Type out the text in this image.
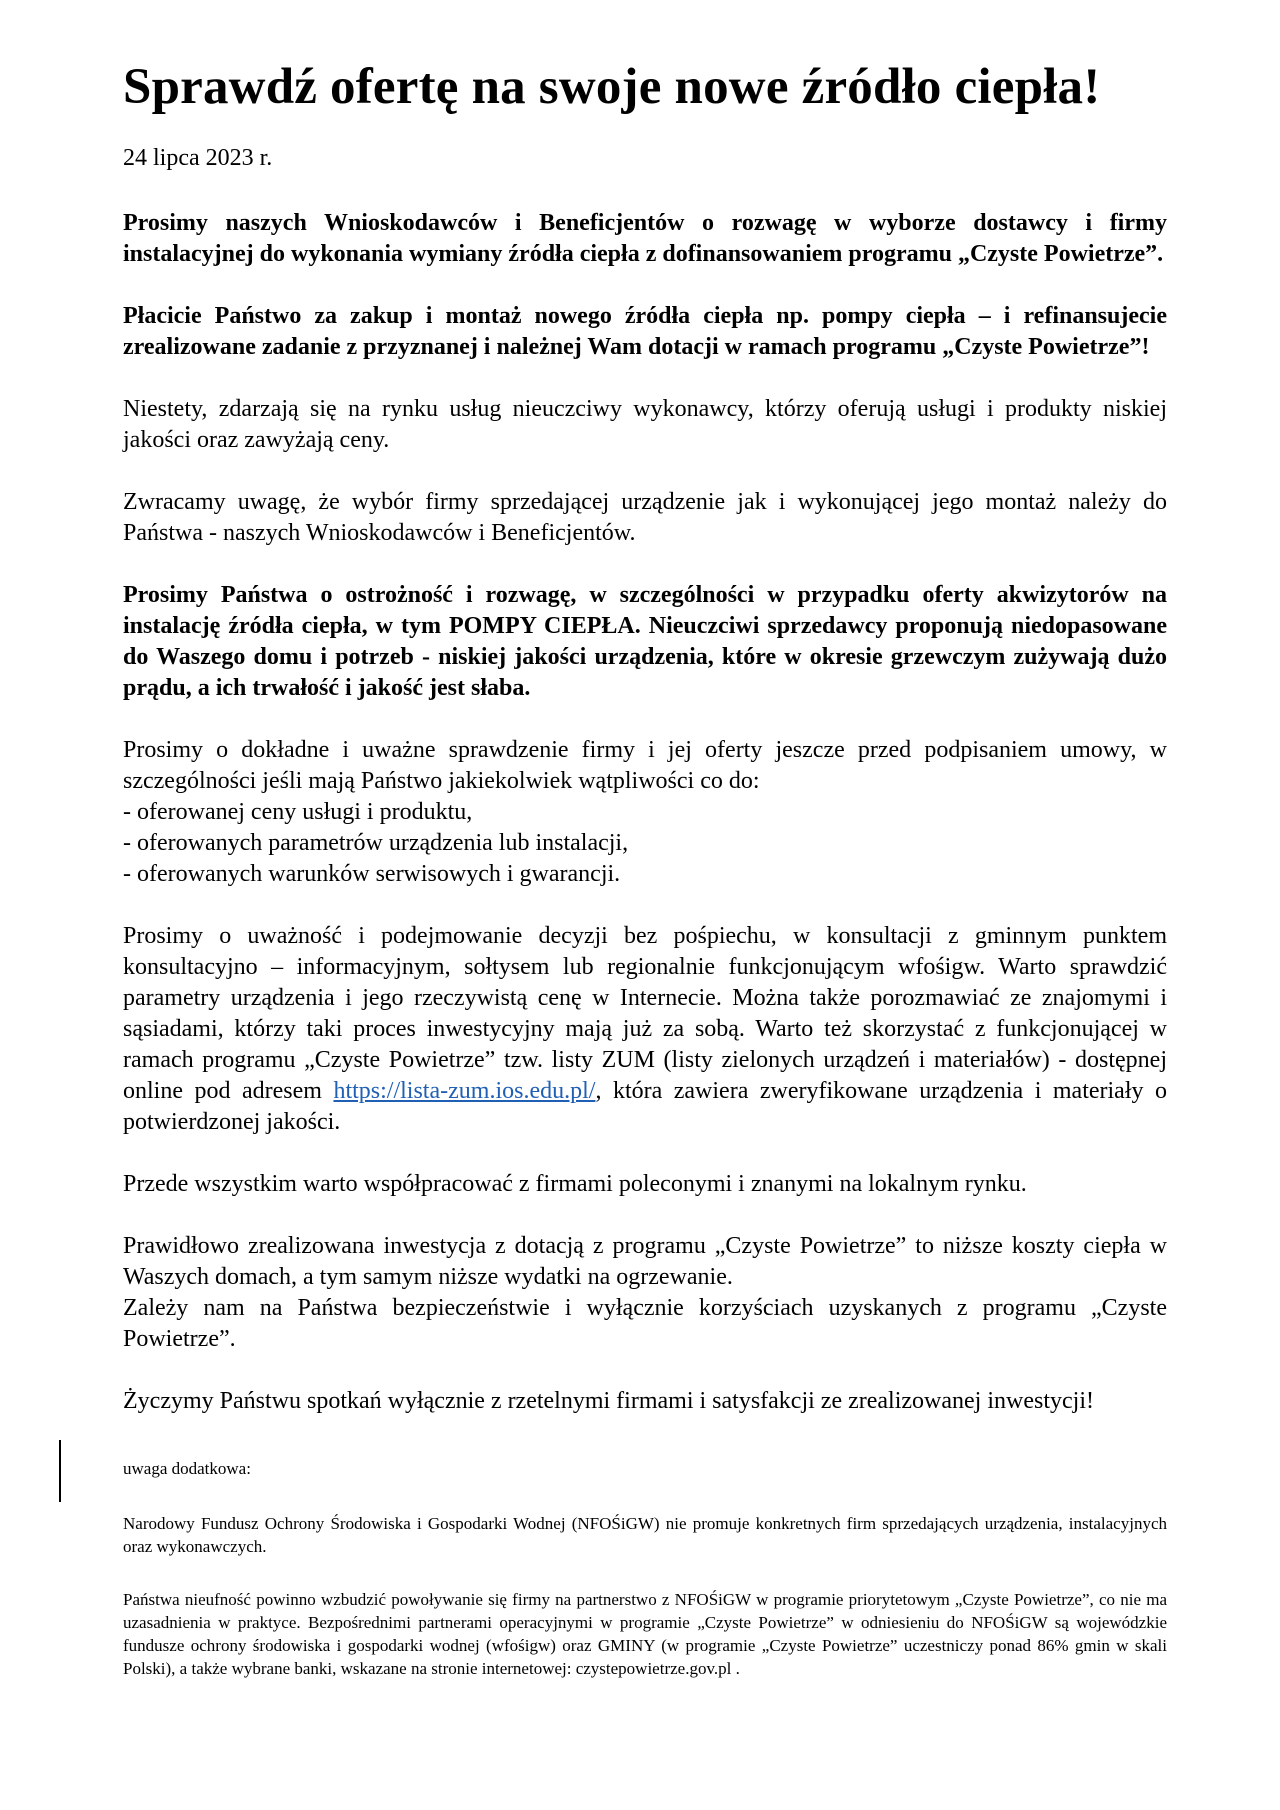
Sprawdź ofertę na swoje nowe źródło ciepła!

24 lipca 2023 r.

Prosimy naszych Wnioskodawców i Beneficjentów o rozwagę w wyborze dostawcy i firmy instalacyjnej do wykonania wymiany źródła ciepła z dofinansowaniem programu „Czyste Powietrze”.

Płacicie Państwo za zakup i montaż nowego źródła ciepła np. pompy ciepła – i refinansujecie zrealizowane zadanie z przyznanej i należnej Wam dotacji w ramach programu „Czyste Powietrze”!

Niestety, zdarzają się na rynku usług nieuczciwy wykonawcy, którzy oferują usługi i produkty niskiej jakości oraz zawyżają ceny.

Zwracamy uwagę, że wybór firmy sprzedającej urządzenie jak i wykonującej jego montaż należy do Państwa - naszych Wnioskodawców i Beneficjentów.

Prosimy Państwa o ostrożność i rozwagę, w szczególności w przypadku oferty akwizytorów na instalację źródła ciepła, w tym POMPY CIEPŁA. Nieuczciwi sprzedawcy proponują niedopasowane do Waszego domu i potrzeb - niskiej jakości urządzenia, które w okresie grzewczym zużywają dużo prądu, a ich trwałość i jakość jest słaba.

Prosimy o dokładne i uważne sprawdzenie firmy i jej oferty jeszcze przed podpisaniem umowy, w szczególności jeśli mają Państwo jakiekolwiek wątpliwości co do:

- oferowanej ceny usługi i produktu,
- oferowanych parametrów urządzenia lub instalacji,
- oferowanych warunków serwisowych i gwarancji.

Prosimy o uważność i podejmowanie decyzji bez pośpiechu, w konsultacji z gminnym punktem konsultacyjno – informacyjnym, sołtysem lub regionalnie funkcjonującym wfośigw. Warto sprawdzić parametry urządzenia i jego rzeczywistą cenę w Internecie. Można także porozmawiać ze znajomymi i sąsiadami, którzy taki proces inwestycyjny mają już za sobą. Warto też skorzystać z funkcjonującej w ramach programu „Czyste Powietrze” tzw. listy ZUM (listy zielonych urządzeń i materiałów) - dostępnej online pod adresem https://lista-zum.ios.edu.pl/, która zawiera zweryfikowane urządzenia i materiały o potwierdzonej jakości.

Przede wszystkim warto współpracować z firmami poleconymi i znanymi na lokalnym rynku.

Prawidłowo zrealizowana inwestycja z dotacją z programu „Czyste Powietrze” to niższe koszty ciepła w Waszych domach, a tym samym niższe wydatki na ogrzewanie.

Zależy nam na Państwa bezpieczeństwie i wyłącznie korzyściach uzyskanych z programu „Czyste Powietrze”.

Życzymy Państwu spotkań wyłącznie z rzetelnymi firmami i satysfakcji ze zrealizowanej inwestycji!

uwaga dodatkowa:

Narodowy Fundusz Ochrony Środowiska i Gospodarki Wodnej (NFOŚiGW) nie promuje konkretnych firm sprzedających urządzenia, instalacyjnych oraz wykonawczych.

Państwa nieufność powinno wzbudzić powoływanie się firmy na partnerstwo z NFOŚiGW w programie priorytetowym „Czyste Powietrze”, co nie ma uzasadnienia w praktyce. Bezpośrednimi partnerami operacyjnymi w programie „Czyste Powietrze” w odniesieniu do NFOŚiGW są wojewódzkie fundusze ochrony środowiska i gospodarki wodnej (wfośigw) oraz GMINY (w programie „Czyste Powietrze” uczestniczy ponad 86% gmin w skali Polski), a także wybrane banki, wskazane na stronie internetowej: czystepowietrze.gov.pl .
